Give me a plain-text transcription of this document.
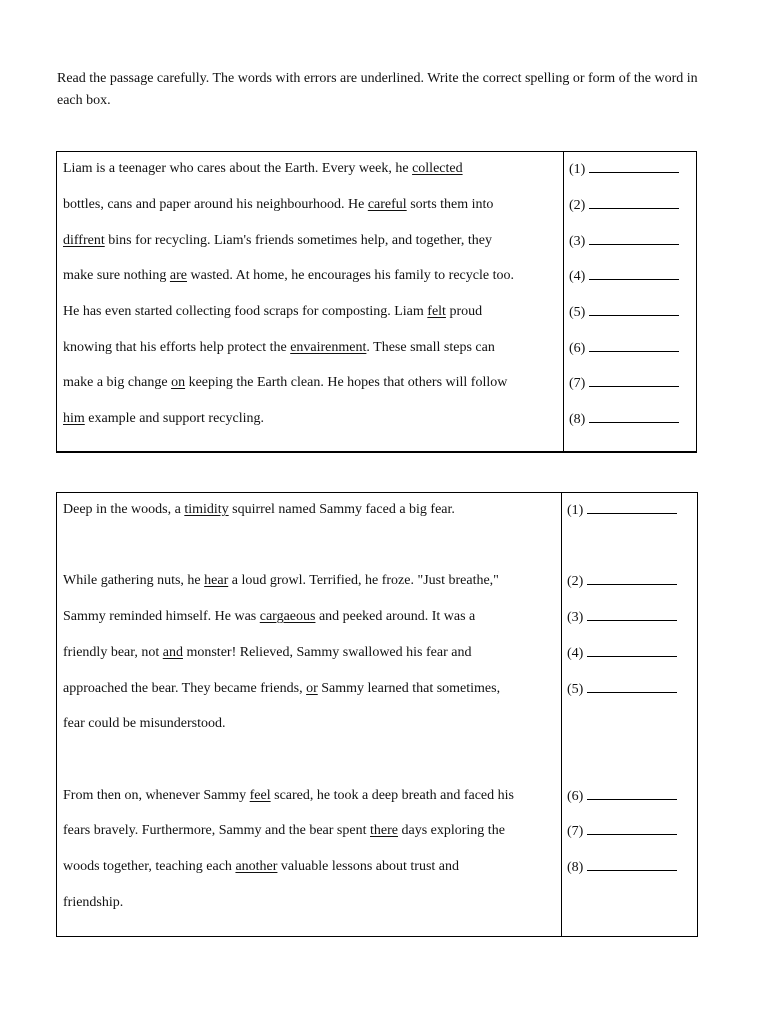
Read the passage carefully. The words with errors are underlined. Write the correct spelling or form of the word in each box.

Liam is a teenager who cares about the Earth. Every week, he collected
bottles, cans and paper around his neighbourhood. He careful sorts them into
diffrent bins for recycling. Liam's friends sometimes help, and together, they
make sure nothing are wasted. At home, he encourages his family to recycle too.
He has even started collecting food scraps for composting. Liam felt proud
knowing that his efforts help protect the envairenment. These small steps can
make a big change on keeping the Earth clean. He hopes that others will follow
him example and support recycling.
(1)
(2)
(3)
(4)
(5)
(6)
(7)
(8)
Deep in the woods, a timidity squirrel named Sammy faced a big fear.
While gathering nuts, he hear a loud growl. Terrified, he froze. "Just breathe,"
Sammy reminded himself. He was cargaeous and peeked around. It was a
friendly bear, not and monster! Relieved, Sammy swallowed his fear and
approached the bear. They became friends, or Sammy learned that sometimes,
fear could be misunderstood.
From then on, whenever Sammy feel scared, he took a deep breath and faced his
fears bravely. Furthermore, Sammy and the bear spent there days exploring the
woods together, teaching each another valuable lessons about trust and
friendship.
(1)
(2)
(3)
(4)
(5)
(6)
(7)
(8)
